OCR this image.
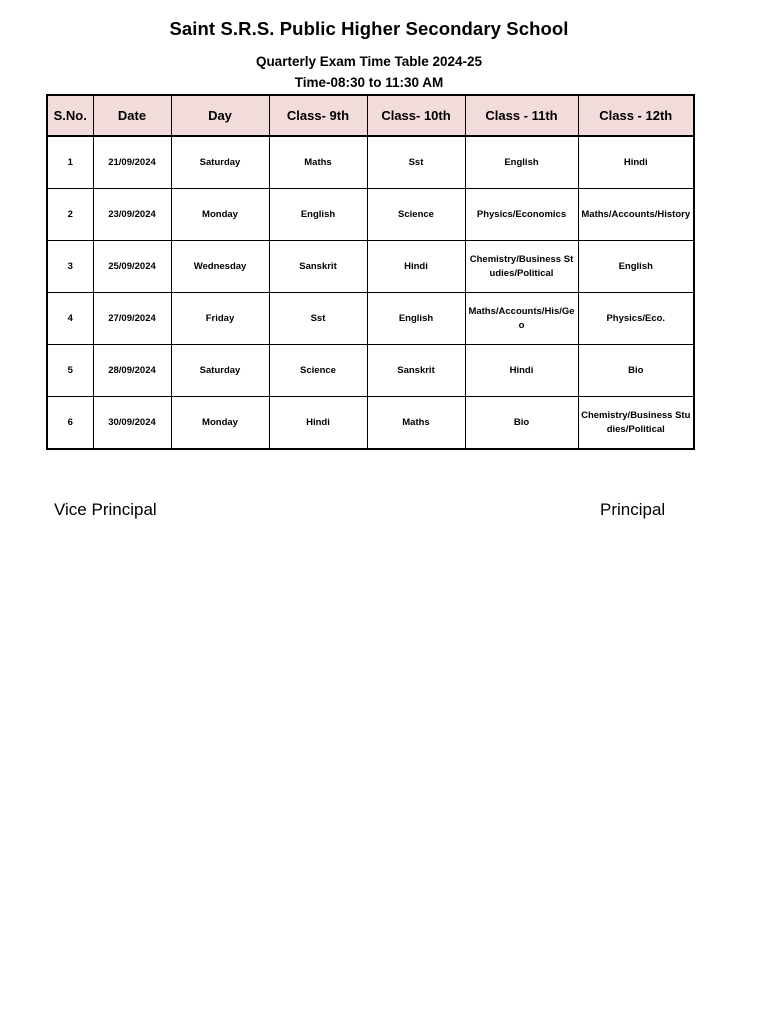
Saint S.R.S. Public Higher Secondary School
Quarterly Exam Time Table 2024-25
Time-08:30 to 11:30 AM
S.No.	Date	Day	Class- 9th	Class- 10th	Class - 11th	Class - 12th
1	21/09/2024	Saturday	Maths	Sst	English	Hindi
2	23/09/2024	Monday	English	Science	Physics/Economics	Maths/Accounts/History
3	25/09/2024	Wednesday	Sanskrit	Hindi	Chemistry/Business Studies/Political	English
4	27/09/2024	Friday	Sst	English	Maths/Accounts/His/Geo	Physics/Eco.
5	28/09/2024	Saturday	Science	Sanskrit	Hindi	Bio
6	30/09/2024	Monday	Hindi	Maths	Bio	Chemistry/Business Studies/Political
Vice Principal	Principal
